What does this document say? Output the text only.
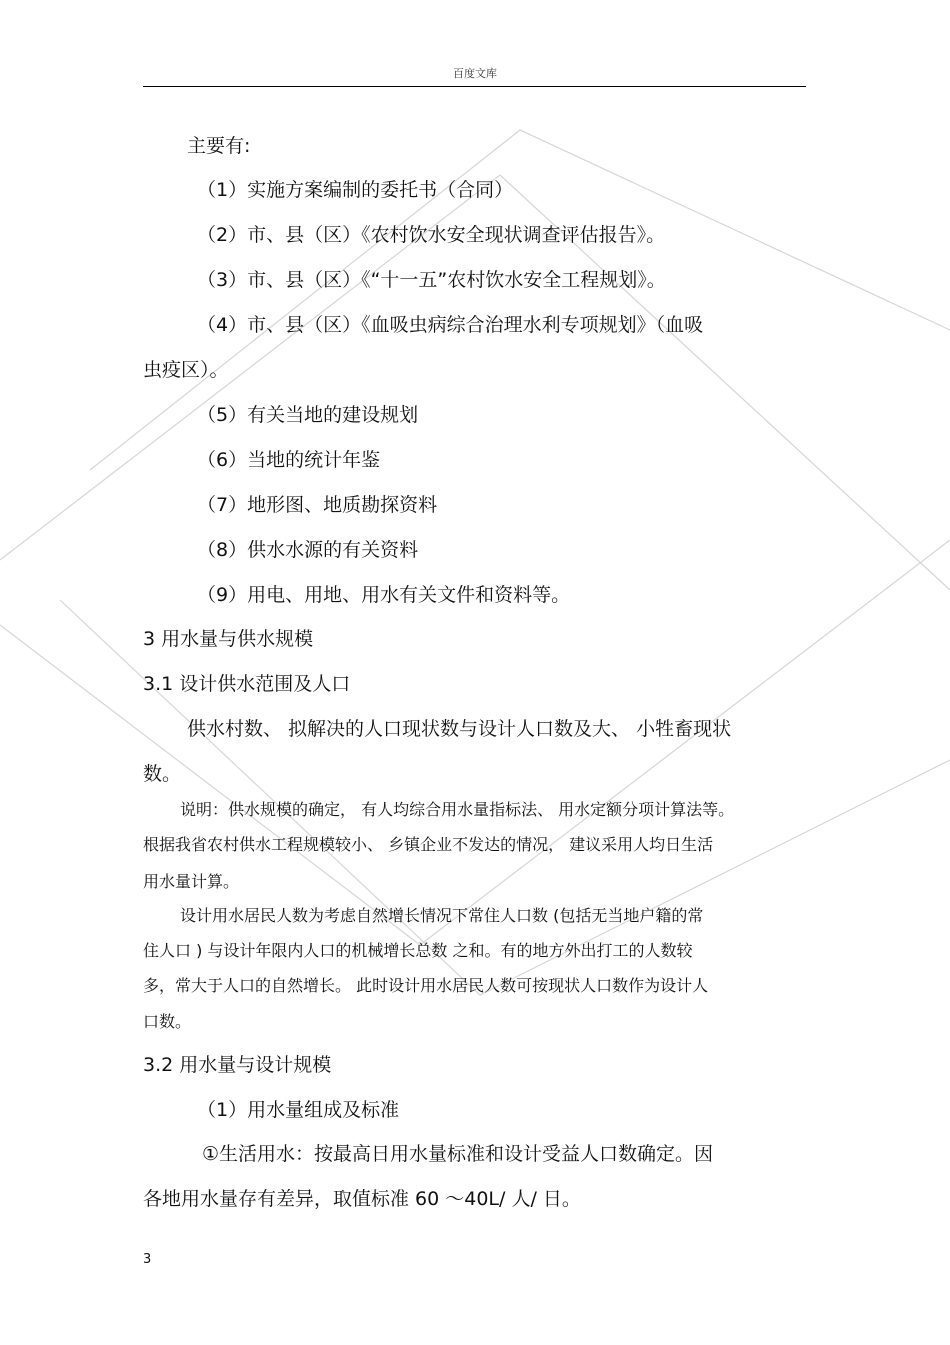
百度文库
主要有:
（1）实施方案编制的委托书（合同）
（2）市、县（区）《农村饮水安全现状调查评估报告》。
（3）市、县（区）《“十一五”农村饮水安全工程规划》。
（4）市、县（区）《血吸虫病综合治理水利专项规划》（血吸
虫疫区）。
（5）有关当地的建设规划
（6）当地的统计年鉴
（7）地形图、地质勘探资料
（8）供水水源的有关资料
（9）用电、用地、用水有关文件和资料等。
3 用水量与供水规模
3.1 设计供水范围及人口
供水村数、 拟解决的人口现状数与设计人口数及大、 小牲畜现状
数。
说明：供水规模的确定， 有人均综合用水量指标法、 用水定额分项计算法等。
根据我省农村供水工程规模较小、 乡镇企业不发达的情况， 建议采用人均日生活
用水量计算。
设计用水居民人数为考虑自然增长情况下常住人口数 (包括无当地户籍的常
住人口 ) 与设计年限内人口的机械增长总数 之和。有的地方外出打工的人数较
多，常大于人口的自然增长。 此时设计用水居民人数可按现状人口数作为设计人
口数。
3.2 用水量与设计规模
（1）用水量组成及标准
①生活用水：按最高日用水量标准和设计受益人口数确定。因
各地用水量存有差异，取值标准 60 ～40L/ 人/ 日。
3
